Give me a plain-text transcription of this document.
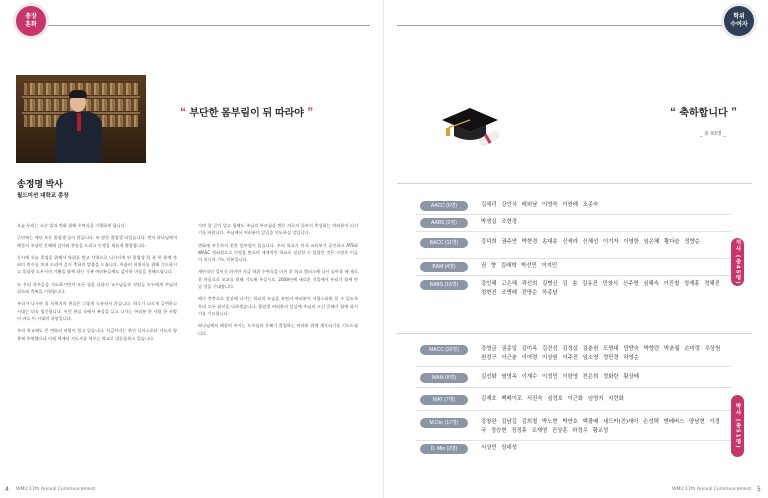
총장 훈화
“ 부단한 몸부림이 뒤 따라야 ”
송정명 박사
월드미션 대학교 총장

오늘 우리는 소중 업과 변화 위해 수여식을 거행하게 됩니다.

근년에는 매년 모든 졸업생 들이 많습니다. 또 많은 졸업생 되었습니다. 먼저 하나님께서 베풀어 주셨던 은혜에 감사와 찬양을 드리고 인생을 새롭게 출발합니다.

동시에 오늘 졸업을 위해서 학위를 받고 사역으로 나가시게 된 졸업생 한 분 한 분께 축하의 박수를 보내 드리며 깊이 축하의 말씀을 드립니다. 아울러 학위자를 위해 기도하시고 물심양 도우시며 기쁨을 함께 하신 가족 여러분들께도 감사한 마음을 전해드립니다.

또 우리 학우들을 지도하시면서 모든 힘을 다하신 교수님들과 직원들 모두에게 주님의 위로와 축복을 기원합니다.

우리가 나가야 할 사역지의 현실은 그렇게 녹록하지 않습니다. 하루가 다르게 급변하고 시대는 더욱 엄중합니다. 이런 현실 속에서 복음을 들고 나가는 여러분 한 사람 한 사람이 바로 이 시대의 희망입니다.

우리 학교에도 큰 변화의 바람이 불고 있습니다. 지금까지는 한인 디아스포라 지도자 양육에 주력했으나 이제 세계의 지도자를 세우는 학교로 발돋움하고 있습니다.

가야 할 길이 멀고 험해도 주님의 부르심을 받은 자로서 끝까지 충성하는 여러분이 되시기를 바랍니다. 주님께서 여러분의 앞길을 인도하실 것입니다.

변화에 부응하지 못한 몸부림이 있습니다. 우리 학교가 미국 교육부가 공인하고 ATS와 WASC 정회원으로 인정을 받으며 세계적인 학교로 성장할 수 있었던 것은 수많은 이들의 헌신과 기도 덕분입니다.

계단적인 일이건 하지만 지금 학위 수여식을 마친 후 학교 캠퍼스에 다시 돌아올 때 새로운 마음으로 모교를 위해 기도해 주십시오. 2008년에 새로운 건물에서 우리가 함께 만날 것을 기대합니다.

배가 층층으로 성장해 나가는 학교의 모습을 보면서 여러분이 자랑스러워 할 수 있도록 우리 모두 최선을 다하겠습니다. 졸업생 여러분의 앞날에 주님의 크신 은혜가 함께 하시기를 기도합니다.

하나님께서 베풀어 주시는 도우심과 은혜가 졸업하는 여러분 위에 계속되기를 기도드립니다.

4 WMU 17th Annual Commencement
학위 수여자
“ 축하합니다 ”
_ 총 93명 _
AACC (6명)	김세리 강인식 배외남 이영숙 이원배 조종숙
AABS (2명)	박생실 조현경
BACC (11명)	강덕희 권주연 박현경 송대송 신세라 신혜선 이기자 이영한 임은혜 황다슬 정향순
BAM (4명)	권 향 김래혁 박선민 이지민
BABS (16명)	강인혜 고은혜 곽선희 김병신 김 솜 김유진 민창식 신주명 심혜숙 이진철 정재홍 정혜진 정현진 조병래 진명순 하종남
석사 (총45명)
MACC (20명)	강영금 권종일 김미옥 김진선 김정실 김춘원 도명대 민향숙 박향란 박춘월 손미령 우상원 원정구 이근춘 이여령 이상원 이주진 임소영 정민경 하영순
MAM (8명)	김선화 염영옥 이재수 이정민 이한영 전은희 정화란 황상배
MAT (7명)	김재호 백베이조 서진숙 심정호 이근화 임영지 지련화
M.Div. (17명)	강창완 김남길 김희철 박노현 박연호 백광배 세드카(진)세아 손성택 앤베버스 양남현 이경국 정승현 정정휴 조재영 진상훈 하정우 황교성
D. Min (2명)	서상민 장대성	박사 (총51명)
WMU 17th Annual Commencement 5
